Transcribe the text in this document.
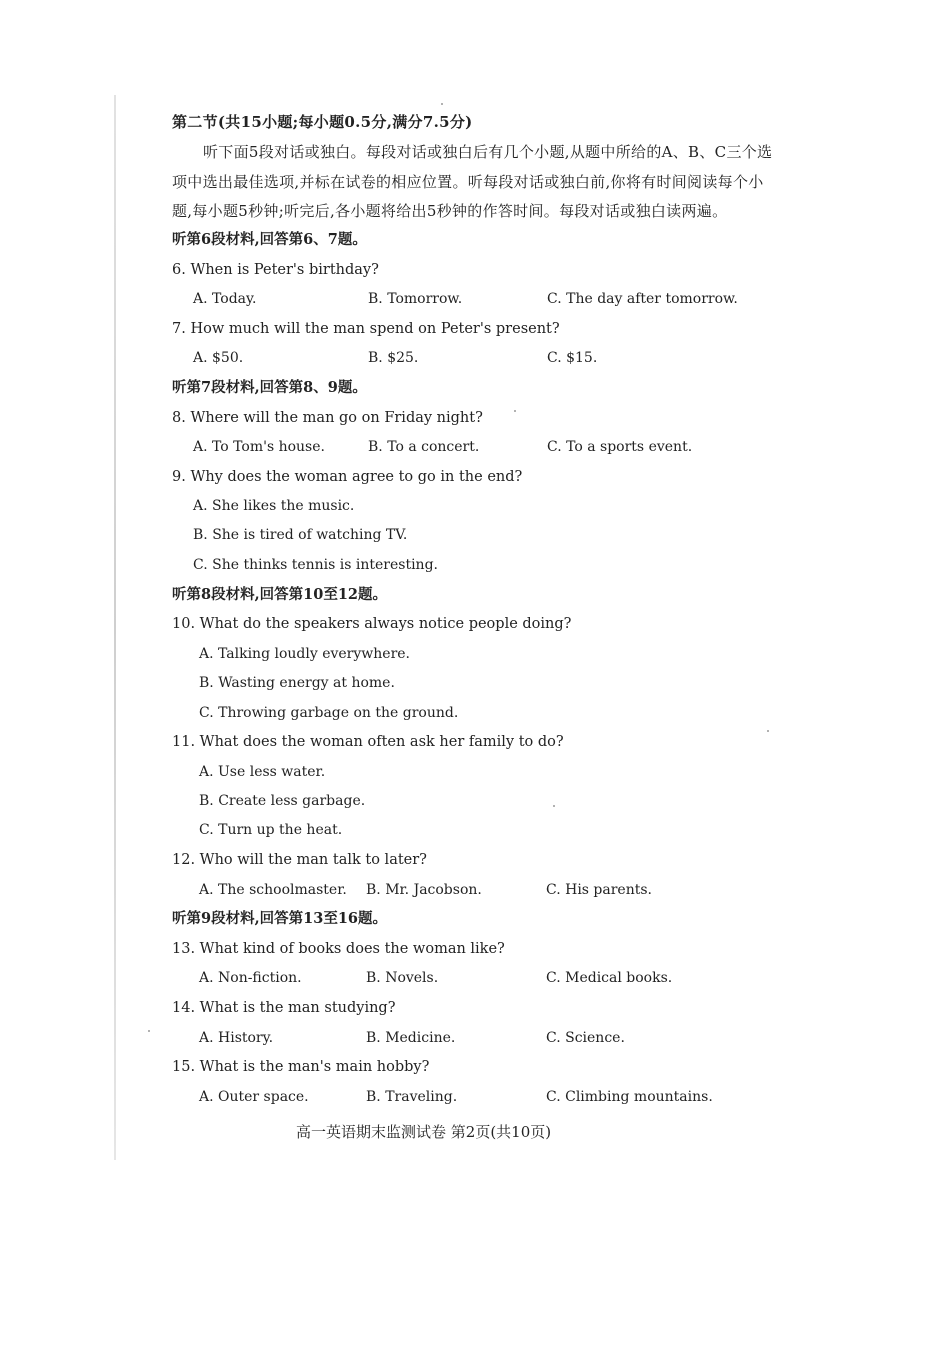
第二节(共15小题;每小题0.5分,满分7.5分)
听下面5段对话或独白。每段对话或独白后有几个小题,从题中所给的A、B、C三个选
项中选出最佳选项,并标在试卷的相应位置。听每段对话或独白前,你将有时间阅读每个小
题,每小题5秒钟;听完后,各小题将给出5秒钟的作答时间。每段对话或独白读两遍。
听第6段材料,回答第6、7题。
6. When is Peter's birthday?
A. Today.	B. Tomorrow.	C. The day after tomorrow.
7. How much will the man spend on Peter's present?
A. $50.	B. $25.	C. $15.
听第7段材料,回答第8、9题。
8. Where will the man go on Friday night?
A. To Tom's house.	B. To a concert.	C. To a sports event.
9. Why does the woman agree to go in the end?
A. She likes the music.
B. She is tired of watching TV.
C. She thinks tennis is interesting.
听第8段材料,回答第10至12题。
10. What do the speakers always notice people doing?
A. Talking loudly everywhere.
B. Wasting energy at home.
C. Throwing garbage on the ground.
11. What does the woman often ask her family to do?
A. Use less water.
B. Create less garbage.
C. Turn up the heat.
12. Who will the man talk to later?
A. The schoolmaster. B. Mr. Jacobson.	C. His parents.
听第9段材料,回答第13至16题。
13. What kind of books does the woman like?
A. Non-fiction.	B. Novels.	C. Medical books.
14. What is the man studying?
A. History.	B. Medicine.	C. Science.
15. What is the man's main hobby?
A. Outer space.	B. Traveling.	C. Climbing mountains.
高一英语期末监测试卷 第2页(共10页)
